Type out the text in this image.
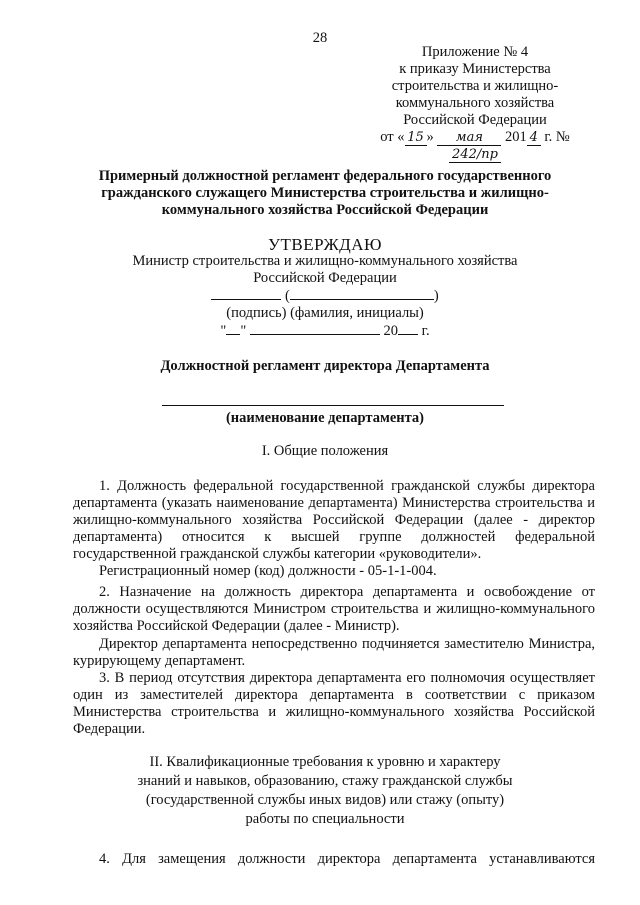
28
Приложение № 4
к приказу Министерства
строительства и жилищно-
коммунального хозяйства
Российской Федерации
от « 15 » мая 201 4 г. № 242/пр
Примерный должностной регламент федерального государственного
гражданского служащего Министерства строительства и жилищно-
коммунального хозяйства Российской Федерации
УТВЕРЖДАЮ
Министр строительства и жилищно-коммунального хозяйства
Российской Федерации
(	)
(подпись) (фамилия, инициалы)
" "	20 г.
Должностной регламент директора Департамента
(наименование департамента)
I. Общие положения

1. Должность федеральной государственной гражданской службы директора департамента (указать наименование департамента) Министерства строительства и жилищно-коммунального хозяйства Российской Федерации (далее - директор департамента) относится к высшей группе должностей федеральной государственной гражданской службы категории «руководители».

Регистрационный номер (код) должности - 05-1-1-004.

2. Назначение на должность директора департамента и освобождение от должности осуществляются Министром строительства и жилищно-коммунального хозяйства Российской Федерации (далее - Министр).

Директор департамента непосредственно подчиняется заместителю Министра, курирующему департамент.

3. В период отсутствия директора департамента его полномочия осуществляет один из заместителей директора департамента в соответствии с приказом Министерства строительства и жилищно-коммунального хозяйства Российской Федерации.

II. Квалификационные требования к уровню и характеру
знаний и навыков, образованию, стажу гражданской службы
(государственной службы иных видов) или стажу (опыту)
работы по специальности
4. Для замещения должности директора департамента устанавливаются
